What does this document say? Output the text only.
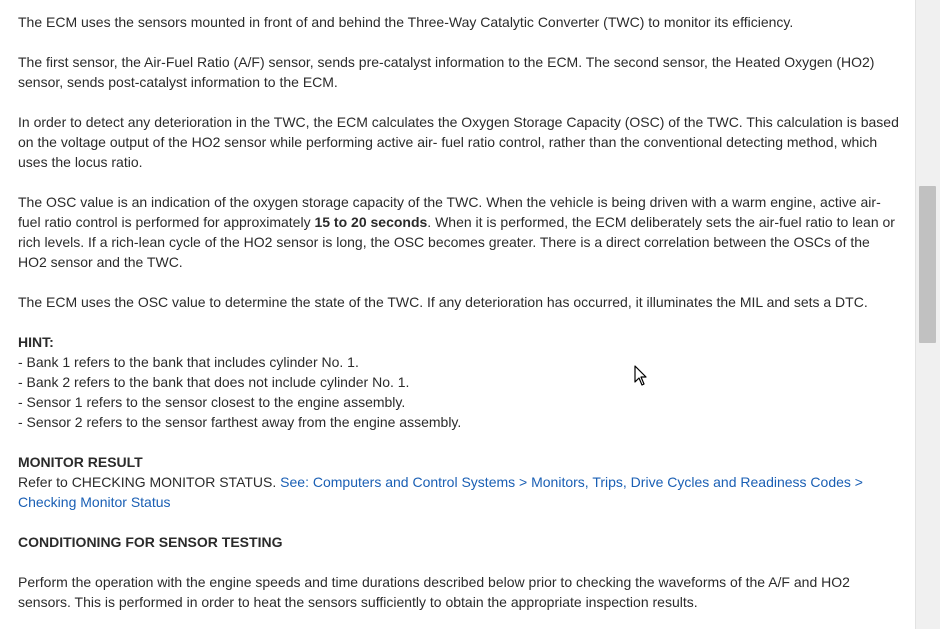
The ECM uses the sensors mounted in front of and behind the Three-Way Catalytic Converter (TWC) to monitor its efficiency.

The first sensor, the Air-Fuel Ratio (A/F) sensor, sends pre-catalyst information to the ECM. The second sensor, the Heated Oxygen (HO2) sensor, sends post-catalyst information to the ECM.

In order to detect any deterioration in the TWC, the ECM calculates the Oxygen Storage Capacity (OSC) of the TWC. This calculation is based on the voltage output of the HO2 sensor while performing active air- fuel ratio control, rather than the conventional detecting method, which uses the locus ratio.

The OSC value is an indication of the oxygen storage capacity of the TWC. When the vehicle is being driven with a warm engine, active air-fuel ratio control is performed for approximately 15 to 20 seconds. When it is performed, the ECM deliberately sets the air-fuel ratio to lean or rich levels. If a rich-lean cycle of the HO2 sensor is long, the OSC becomes greater. There is a direct correlation between the OSCs of the HO2 sensor and the TWC.

The ECM uses the OSC value to determine the state of the TWC. If any deterioration has occurred, it illuminates the MIL and sets a DTC.

HINT:

- Bank 1 refers to the bank that includes cylinder No. 1.
- Bank 2 refers to the bank that does not include cylinder No. 1.
- Sensor 1 refers to the sensor closest to the engine assembly.
- Sensor 2 refers to the sensor farthest away from the engine assembly.

MONITOR RESULT

Refer to CHECKING MONITOR STATUS. See: Computers and Control Systems > Monitors, Trips, Drive Cycles and Readiness Codes > Checking Monitor Status

CONDITIONING FOR SENSOR TESTING

Perform the operation with the engine speeds and time durations described below prior to checking the waveforms of the A/F and HO2 sensors. This is performed in order to heat the sensors sufficiently to obtain the appropriate inspection results.
